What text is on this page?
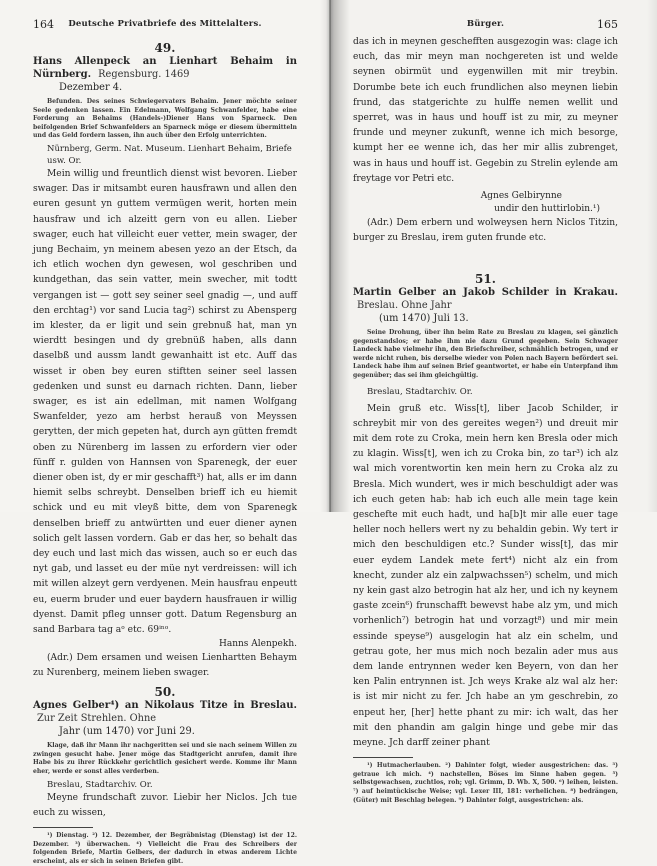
164	Deutsche Privatbriefe des Mittelalters.
49.
Hans Allenpeck an Lienhart Behaim in Nürnberg. Regensburg. 1469
Dezember 4.
Befunden. Des seines Schwiegervaters Behaim. Jener möchte seiner Seele gedenken lassen. Ein Edelmann, Wolfgang Schwanfelder, habe eine Forderung an Behaims (Handels-)Diener Hans von Sparneck. Den beifolgenden Brief Schwanfelders an Sparneck möge er diesem übermitteln und das Geld fordern lassen, ihn auch über den Erfolg unterrichten.
Nürnberg, Germ. Nat. Museum. Lienhart Behaim, Briefe usw. Or.

Mein willig und freuntlich dienst wist bevoren. Lieber swager. Das ir mitsambt euren hausfrawn und allen den euren gesunt yn guttem vermügen werit, horten mein hausfraw und ich alzeitt gern von eu allen. Lieber swager, euch hat villeicht euer vetter, mein swager, der jung Bechaim, yn meinem abesen yezo an der Etsch, da ich etlich wochen dyn gewesen, wol geschriben und kundgethan, das sein vatter, mein swecher, mit todtt vergangen ist — gott sey seiner seel gnadig —, und auff den erchtag¹) vor sand Lucia tag²) schirst zu Abensperg im klester, da er ligit und sein grebnuß hat, man yn wierdtt besingen und dy grebnüß haben, alls dann daselbß und aussm landt gewanhaitt ist etc. Auff das wisset ir oben bey euren stiftten seiner seel lassen gedenken und sunst eu darnach richten. Dann, lieber swager, es ist ain edellman, mit namen Wolfgang Swanfelder, yezo am herbst herauß von Meyssen gerytten, der mich gepeten hat, durch ayn gütten fremdt oben zu Nürenberg im lassen zu erfordern vier oder fünff r. gulden von Hannsen von Sparenegk, der euer diener oben ist, dy er mir geschafft³) hat, alls er im dann hiemit selbs schreybt. Denselben brieff ich eu hiemit schick und eu mit vleyß bitte, dem von Sparenegk denselben brieff zu antwürtten und euer diener aynen solich gelt lassen vordern. Gab er das her, so behalt das dey euch und last mich das wissen, auch so er euch das nyt gab, und lasset eu der müe nyt verdreissen: will ich mit willen alzeyt gern verdyenen. Mein hausfrau enpeutt eu, euerm bruder und euer baydern hausfrauen ir willig dyenst. Damit pfleg unnser gott. Datum Regensburg an sand Barbara tag aᵒ etc. 69ⁱⁿᵒ.

Hanns Alenpekh.
(Adr.) Dem ersamen und weisen Lienhartten Behaym zu Nurenberg, meinem lieben swager.
50.
Agnes Gelber⁴) an Nikolaus Titze in Breslau. Zur Zeit Strehlen. Ohne
Jahr (um 1470) vor Juni 29.
Klage, daß ihr Mann ihr nachgeritten sei und sie nach seinem Willen zu zwingen gesucht habe. Jener möge das Stadtgericht anrufen, damit ihre Habe bis zu ihrer Rückkehr gerichtlich gesichert werde. Komme ihr Mann eher, werde er sonst alles verderben.
Breslau, Stadtarchiv. Or.

Meyne frundschaft zuvor. Liebir her Niclos. Jch tue euch zu wissen,

¹) Dienstag. ²) 12. Dezember, der Begräbnistag (Dienstag) ist der 12. Dezember. ³) überwachen. ⁴) Vielleicht die Frau des Schreibers der folgenden Briefe, Martin Gelbers, der dadurch in etwas anderem Lichte erscheint, als er sich in seinen Briefen gibt.
Bürger.	165

das ich in meynen geschefften ausgezogin was: clage ich euch, das mir meyn man nochgereten ist und welde seynen obirmüt und eygenwillen mit mir treybin. Dorumbe bete ich euch frundlichen also meynen liebin frund, das statgerichte zu hulffe nemen wellit und sperret, was in haus und houff ist zu mir, zu meyner frunde und meyner zukunft, wenne ich mich besorge, kumpt her ee wenne ich, das her mir allis zubrenget, was in haus und houff ist. Gegebin zu Strelin eylende am freytage vor Petri etc.

Agnes Gelbirynne
undir den huttirlobin.¹)
(Adr.) Dem erbern und wolweysen hern Niclos Titzin, burger zu Breslau, irem guten frunde etc.
51.
Martin Gelber an Jakob Schilder in Krakau. Breslau. Ohne Jahr
(um 1470) Juli 13.
Seine Drohung, über ihn beim Rate zu Breslau zu klagen, sei gänzlich gegenstandslos; er habe ihm nie dazu Grund gegeben. Sein Schwager Landeck habe vielmehr ihn, den Briefschreiber, schmählich betrogen, und er werde nicht ruhen, bis derselbe wieder von Polen nach Bayern befördert sei. Landeck habe ihm auf seinen Brief geantwortet, er habe ein Unterpfand ihm gegenüber; das sei ihm gleichgültig.
Breslau, Stadtarchiv. Or.

Mein gruß etc. Wiss[t], liber Jacob Schilder, ir schreybit mir von des gereites wegen²) und dreuit mir mit dem rote zu Croka, mein hern ken Bresla oder mich zu klagin. Wiss[t], wen ich zu Croka bin, zo tar³) ich alz wal mich vorentwortin ken mein hern zu Croka alz zu Bresla. Mich wundert, wes ir mich beschuldigt ader was ich euch geten hab: hab ich euch alle mein tage kein geschefte mit euch hadt, und ha[b]t mir alle euer tage heller noch hellers wert ny zu behaldin gebin. Wy tert ir mich den beschuldigen etc.? Sunder wiss[t], das mir euer eydem Landek mete fert⁴) nicht alz ein from knecht, zunder alz ein zalpwachssen⁵) schelm, und mich ny kein gast alzo betrogin hat alz her, und ich ny keynem gaste zcein⁶) frunschafft bewevst habe alz ym, und mich vorhenlich⁷) betrogin hat und vorzagt⁸) und mir mein essinde speyse⁹) ausgelogin hat alz ein schelm, und getrau gote, her mus mich noch bezalin ader mus aus dem lande entrynnen weder ken Beyern, von dan her ken Palin entrynnen ist. Jch weys Krake alz wal alz her: is ist mir nicht zu fer. Jch habe an ym geschrebin, zo enpeut her, [her] hette phant zu mir: ich walt, das her mit den phandin am galgin hinge und gebe mir das meyne. Jch darff zeiner phant

¹) Hutmacherlauben. ²) Dahinter folgt, wieder ausgestrichen: das. ³) getraue ich mich. ⁴) nachstellen, Böses im Sinne haben gegen. ⁵) selbstgewachsen, zuchtlos, roh; vgl. Grimm, D. Wb. X, 500. ⁶) leihen, leisten. ⁷) auf heimtückische Weise; vgl. Lexer III, 181: verhelichen. ⁸) bedrängen, (Güter) mit Beschlag belegen. ⁹) Dahinter folgt, ausgestrichen: als.
